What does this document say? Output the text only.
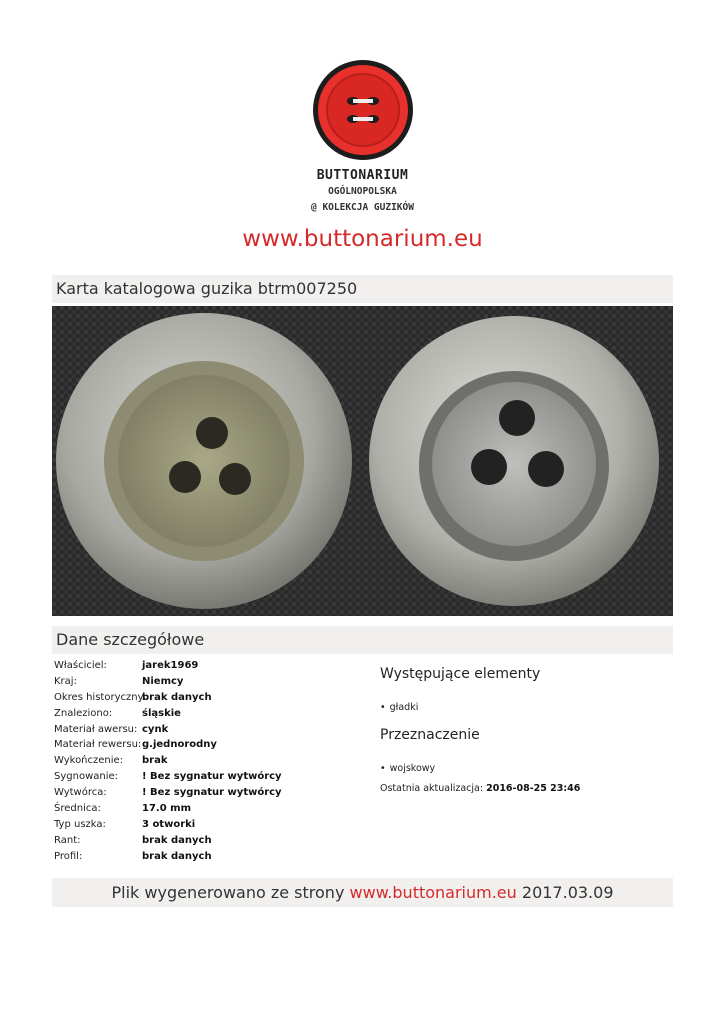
BUTTONARIUM
OGÓLNOPOLSKA
@ KOLEKCJA GUZIKÓW
www.buttonarium.eu
Karta katalogowa guzika btrm007250
Dane szczegółowe
Właściciel:	jarek1969
Kraj:	Niemcy
Okres historyczny:brak danych
Znaleziono:	śląskie
Materiał awersu: cynk
Materiał rewersu:g.jednorodny
Wykończenie: brak
Sygnowanie: ! Bez sygnatur wytwórcy
Wytwórca:	! Bez sygnatur wytwórcy
Średnica:	17.0 mm
Typ uszka:	3 otworki
Rant:	brak danych
Profil:	brak danych
Występujące elementy
• gładki
Przeznaczenie
• wojskowy
Ostatnia aktualizacja: 2016-08-25 23:46
Plik wygenerowano ze strony www.buttonarium.eu 2017.03.09
